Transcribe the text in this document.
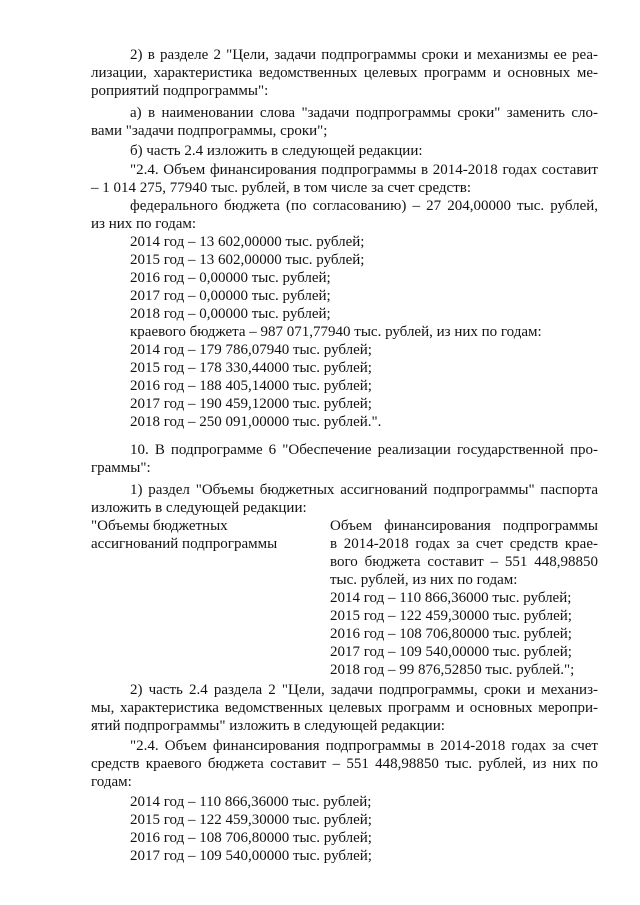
2) в разделе 2 "Цели, задачи подпрограммы сроки и механизмы ее реа-
лизации, характеристика ведомственных целевых программ и основных ме-
роприятий подпрограммы":
а) в наименовании слова "задачи подпрограммы сроки" заменить сло-
вами "задачи подпрограммы, сроки";
б) часть 2.4 изложить в следующей редакции:
"2.4. Объем финансирования подпрограммы в 2014-2018 годах составит
– 1 014 275, 77940 тыс. рублей, в том числе за счет средств:
федерального бюджета (по согласованию) – 27 204,00000 тыс. рублей,
из них по годам:
2014 год – 13 602,00000 тыс. рублей;
2015 год – 13 602,00000 тыс. рублей;
2016 год – 0,00000 тыс. рублей;
2017 год – 0,00000 тыс. рублей;
2018 год – 0,00000 тыс. рублей;
краевого бюджета – 987 071,77940 тыс. рублей, из них по годам:
2014 год – 179 786,07940 тыс. рублей;
2015 год – 178 330,44000 тыс. рублей;
2016 год – 188 405,14000 тыс. рублей;
2017 год – 190 459,12000 тыс. рублей;
2018 год – 250 091,00000 тыс. рублей.".
10. В подпрограмме 6 "Обеспечение реализации государственной про-
граммы":
1) раздел "Объемы бюджетных ассигнований подпрограммы" паспорта
изложить в следующей редакции:
"Объемы бюджетных
ассигнований подпрограммы
Объем финансирования подпрограммы
в 2014-2018 годах за счет средств крае-
вого бюджета составит – 551 448,98850
тыс. рублей, из них по годам:
2014 год – 110 866,36000 тыс. рублей;
2015 год – 122 459,30000 тыс. рублей;
2016 год – 108 706,80000 тыс. рублей;
2017 год – 109 540,00000 тыс. рублей;
2018 год – 99 876,52850 тыс. рублей.";
2) часть 2.4 раздела 2 "Цели, задачи подпрограммы, сроки и механиз-
мы, характеристика ведомственных целевых программ и основных меропри-
ятий подпрограммы" изложить в следующей редакции:
"2.4. Объем финансирования подпрограммы в 2014-2018 годах за счет
средств краевого бюджета составит – 551 448,98850 тыс. рублей, из них по
годам:
2014 год – 110 866,36000 тыс. рублей;
2015 год – 122 459,30000 тыс. рублей;
2016 год – 108 706,80000 тыс. рублей;
2017 год – 109 540,00000 тыс. рублей;
